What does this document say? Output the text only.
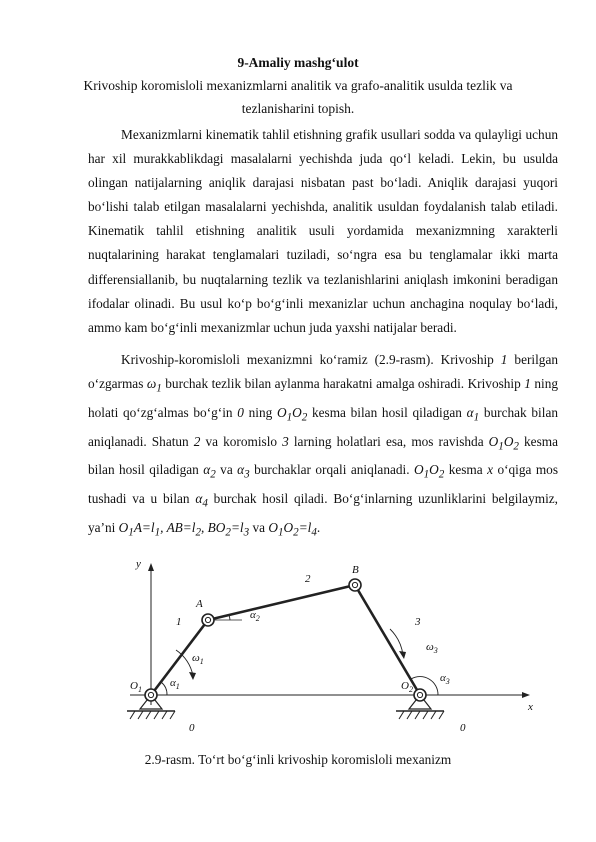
9-Amaliy mashg‘ulot
Krivoship koromisloli mexanizmlarni analitik va grafo-analitik usulda tezlik va tezlanisharini topish.

Mexanizmlarni kinematik tahlil etishning grafik usullari sodda va qulayligi uchun har xil murakkablikdagi masalalarni yechishda juda qo‘l keladi. Lekin, bu usulda olingan natijalarning aniqlik darajasi nisbatan past bo‘ladi. Aniqlik darajasi yuqori bo‘lishi talab etilgan masalalarni yechishda, analitik usuldan foydalanish talab etiladi. Kinematik tahlil etishning analitik usuli yordamida mexanizmning xarakterli nuqtalarining harakat tenglamalari tuziladi, so‘ngra esa bu tenglamalar ikki marta differensiallanib, bu nuqtalarning tezlik va tezlanishlarini aniqlash imkonini beradigan ifodalar olinadi. Bu usul ko‘p bo‘g‘inli mexanizlar uchun anchagina noqulay bo‘ladi, ammo kam bo‘g‘inli mexanizmlar uchun juda yaxshi natijalar beradi.

Krivoship-koromisloli mexanizmni ko‘ramiz (2.9-rasm). Krivoship 1 berilgan o‘zgarmas $\omega_1$ burchak tezlik bilan aylanma harakatni amalga oshiradi. Krivoship 1 ning holati qo‘zg‘almas bo‘g‘in 0 ning $O_1O_2$ kesma bilan hosil qiladigan $\alpha_1$ burchak bilan aniqlanadi. Shatun 2 va koromislo 3 larning holatlari esa, mos ravishda $O_1O_2$ kesma bilan hosil qiladigan $\alpha_2$ va $\alpha_3$ burchaklar orqali aniqlanadi. $O_1O_2$ kesma x o‘qiga mos tushadi va u bilan $\alpha_4$ burchak hosil qiladi. Bo‘g‘inlarning uzunliklarini belgilaymiz, ya’ni $O_1A=l_1$, $AB=l_2$, $BO_2=l_3$ va $O_1O_2=l_4$.

y
x
A
B
$O_1$	$O_2$
1
2
3
0	0
$\omega_1$
$\omega_3$
$\alpha_1$
$\alpha_2$
$\alpha_3$
2.9-rasm. To‘rt bo‘g‘inli krivoship koromisloli mexanizm
